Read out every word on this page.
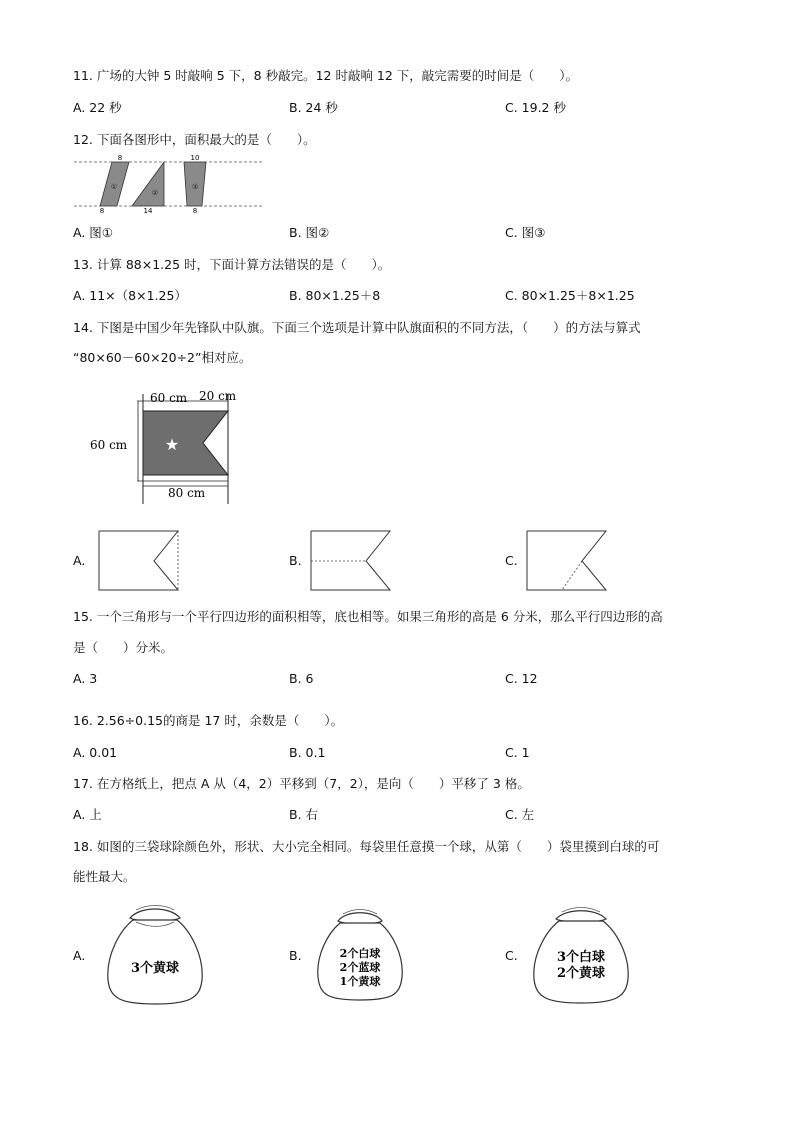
11. 广场的大钟 5 时敲响 5 下，8 秒敲完。12 时敲响 12 下，敲完需要的时间是（　　）。
A. 22 秒	B. 24 秒	C. 19.2 秒
12. 下面各图形中，面积最大的是（　　）。
8	10
8	14	8
①
②
③
A. 图①	B. 图②	C. 图③
13. 计算 88×1.25 时，下面计算方法错误的是（　　）。
A. 11×（8×1.25）	B. 80×1.25＋8	C. 80×1.25＋8×1.25
14. 下图是中国少年先锋队中队旗。下面三个选项是计算中队旗面积的不同方法，（　　）的方法与算式
“80×60－60×20÷2”相对应。
★
60 cm 20 cm
60 cm
80 cm
A.	B.	C.
15. 一个三角形与一个平行四边形的面积相等，底也相等。如果三角形的高是 6 分米，那么平行四边形的高
是（　　）分米。
A. 3	B. 6	C. 12
16. 2.56÷0.15的商是 17 时，余数是（　　）。
A. 0.01	B. 0.1	C. 1
17. 在方格纸上，把点 A 从（4，2）平移到（7，2），是向（　　）平移了 3 格。
A. 上	B. 右	C. 左
18. 如图的三袋球除颜色外，形状、大小完全相同。每袋里任意摸一个球，从第（　　）袋里摸到白球的可
能性最大。
A.
3个黄球
B.	2个白球
2个蓝球
1个黄球
C.	3个白球
2个黄球
